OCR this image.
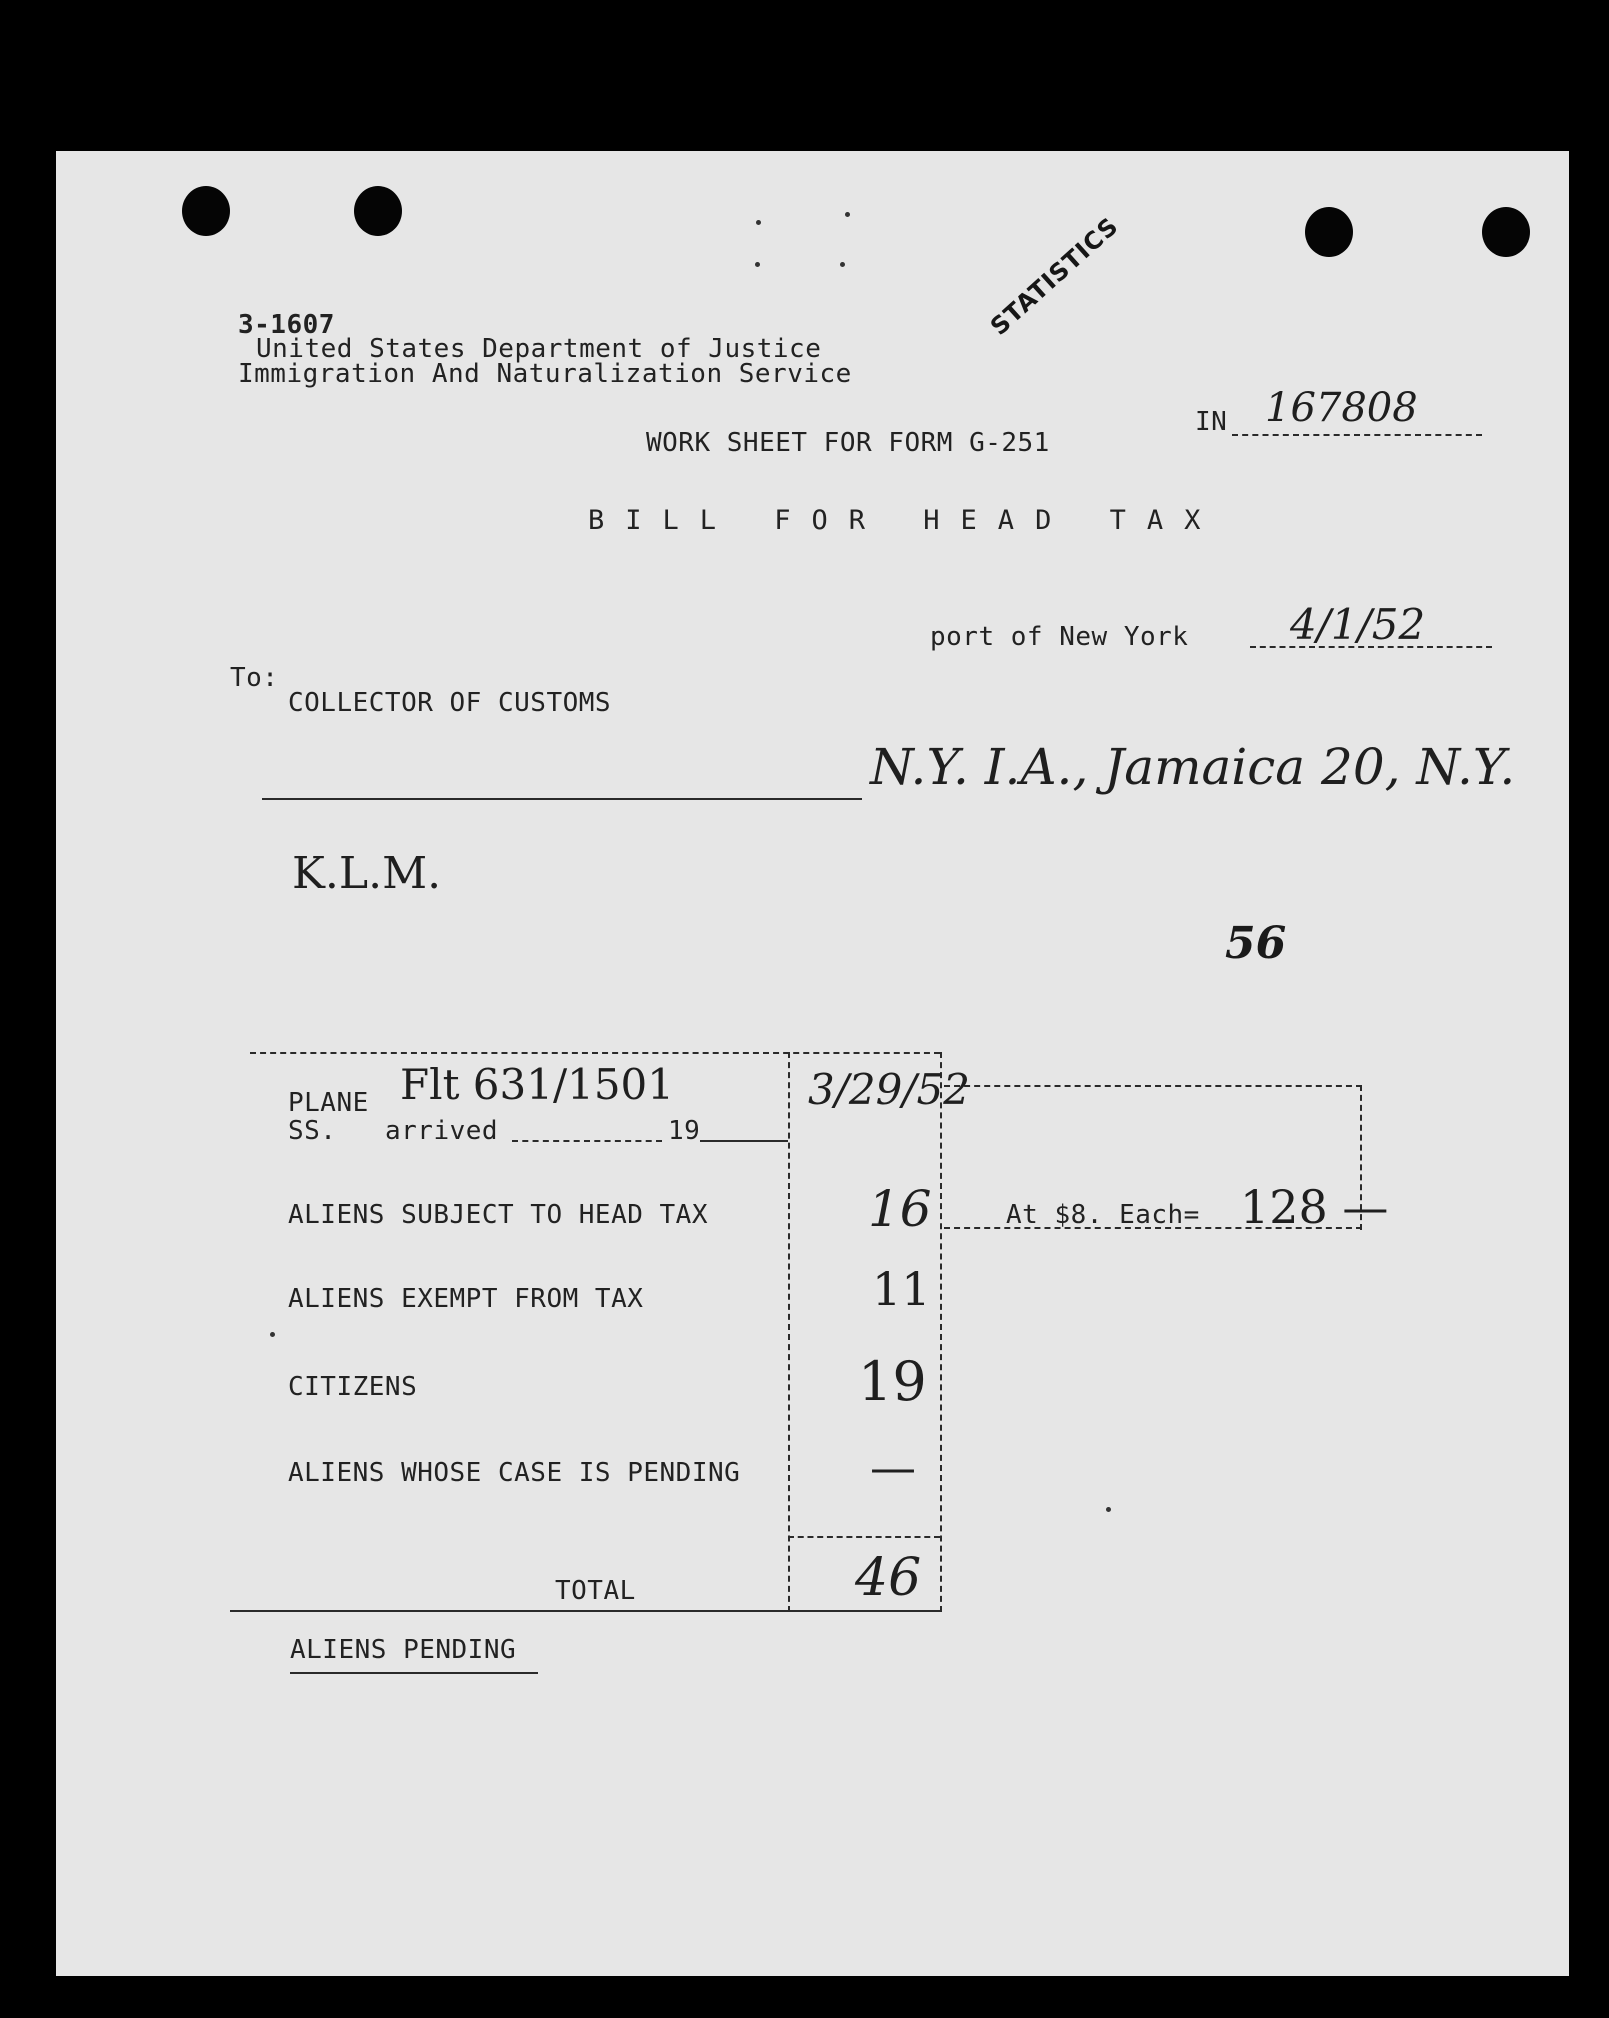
3-1607
United States Department of Justice
Immigration And Naturalization Service
STATISTICS
WORK SHEET FOR FORM G-251
IN 167808
BILL FOR HEAD TAX
port of New York 4/1/52
To:
COLLECTOR OF CUSTOMS
N.Y. I.A., Jamaica 20, N.Y.
K.L.M.
56
PLANE Flt 631/1501
SS. arrived	19
3/29/52
ALIENS SUBJECT TO HEAD TAX	16	At $8. Each= 128 —
ALIENS EXEMPT FROM TAX	11
CITIZENS	19
ALIENS WHOSE CASE IS PENDING	—
TOTAL	46
ALIENS PENDING
